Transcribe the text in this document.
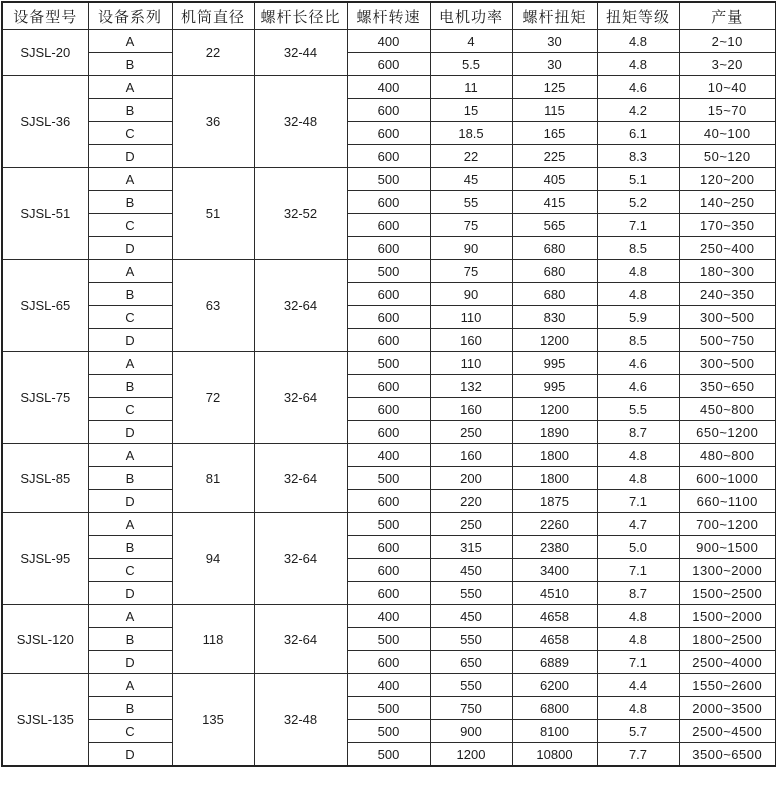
设备型号	设备系列	机筒直径	螺杆长径比	螺杆转速	电机功率	螺杆扭矩	扭矩等级	产量
SJSL-20	A	22	32-44	400	4	30	4.8	2~10
	B			600	5.5	30	4.8	3~20
SJSL-36	A	36	32-48	400	11	125	4.6	10~40
	B			600	15	115	4.2	15~70
	C			600	18.5	165	6.1	40~100
	D			600	22	225	8.3	50~120
SJSL-51	A	51	32-52	500	45	405	5.1	120~200
	B			600	55	415	5.2	140~250
	C			600	75	565	7.1	170~350
	D			600	90	680	8.5	250~400
SJSL-65	A	63	32-64	500	75	680	4.8	180~300
	B			600	90	680	4.8	240~350
	C			600	110	830	5.9	300~500
	D			600	160	1200	8.5	500~750
SJSL-75	A	72	32-64	500	110	995	4.6	300~500
	B			600	132	995	4.6	350~650
	C			600	160	1200	5.5	450~800
	D			600	250	1890	8.7	650~1200
SJSL-85	A	81	32-64	400	160	1800	4.8	480~800
	B			500	200	1800	4.8	600~1000
	D			600	220	1875	7.1	660~1100
SJSL-95	A	94	32-64	500	250	2260	4.7	700~1200
	B			600	315	2380	5.0	900~1500
	C			600	450	3400	7.1	1300~2000
	D			600	550	4510	8.7	1500~2500
SJSL-120	A	118	32-64	400	450	4658	4.8	1500~2000
	B			500	550	4658	4.8	1800~2500
	D			600	650	6889	7.1	2500~4000
SJSL-135	A	135	32-48	400	550	6200	4.4	1550~2600
	B			500	750	6800	4.8	2000~3500
	C			500	900	8100	5.7	2500~4500
	D			500	1200	10800	7.7	3500~6500
